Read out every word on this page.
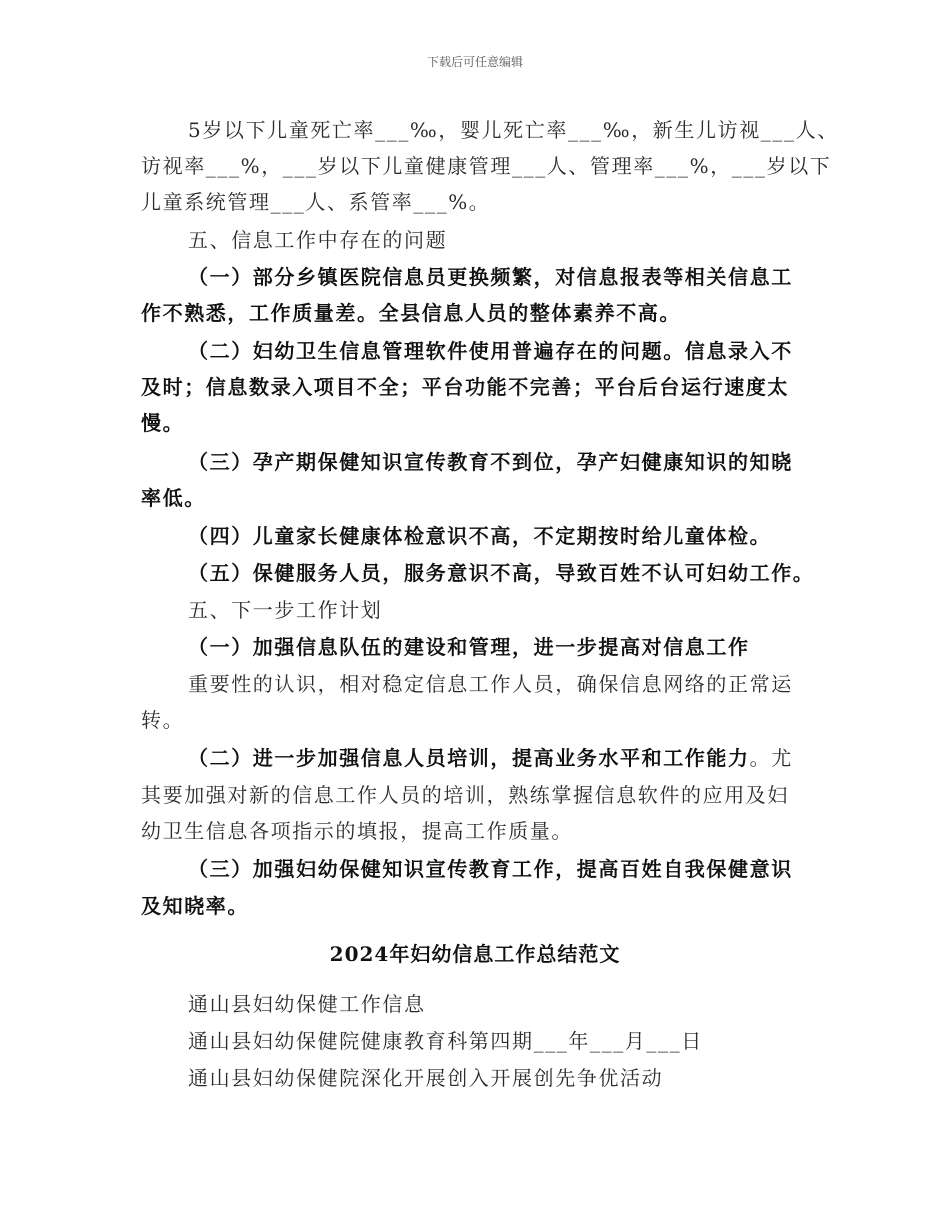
下载后可任意编辑
5岁以下儿童死亡率___‰，婴儿死亡率___‰，新生儿访视___人、
访视率___%，___岁以下儿童健康管理___人、管理率___%，___岁以下
儿童系统管理___人、系管率___%。
五、信息工作中存在的问题
（一）部分乡镇医院信息员更换频繁，对信息报表等相关信息工
作不熟悉，工作质量差。全县信息人员的整体素养不高。
（二）妇幼卫生信息管理软件使用普遍存在的问题。信息录入不
及时；信息数录入项目不全；平台功能不完善；平台后台运行速度太
慢。
（三）孕产期保健知识宣传教育不到位，孕产妇健康知识的知晓
率低。
（四）儿童家长健康体检意识不高，不定期按时给儿童体检。
（五）保健服务人员，服务意识不高，导致百姓不认可妇幼工作。
五、下一步工作计划
（一）加强信息队伍的建设和管理，进一步提高对信息工作
重要性的认识，相对稳定信息工作人员，确保信息网络的正常运
转。
（二）进一步加强信息人员培训，提高业务水平和工作能力。尤
其要加强对新的信息工作人员的培训，熟练掌握信息软件的应用及妇
幼卫生信息各项指示的填报，提高工作质量。
（三）加强妇幼保健知识宣传教育工作，提高百姓自我保健意识
及知晓率。
2024年妇幼信息工作总结范文
通山县妇幼保健工作信息
通山县妇幼保健院健康教育科第四期___年___月___日
通山县妇幼保健院深化开展创入开展创先争优活动
